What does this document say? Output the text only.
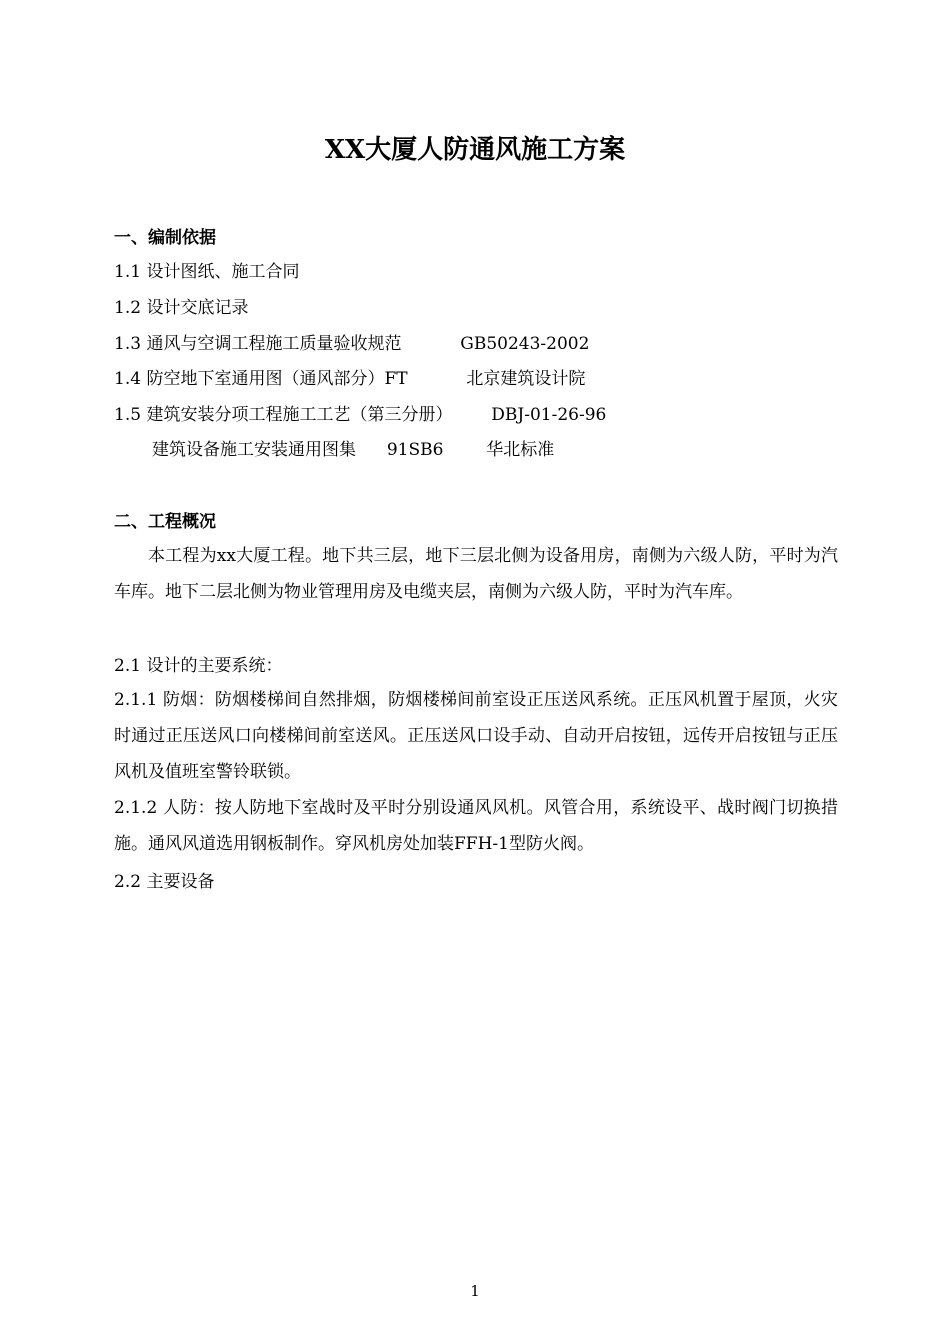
XX大厦人防通风施工方案
一、编制依据
1.1 设计图纸、施工合同
1.2 设计交底记录
1.3 通风与空调工程施工质量验收规范	GB50243-2002
1.4 防空地下室通用图（通风部分）FT	北京建筑设计院
1.5 建筑安装分项工程施工工艺（第三分册） DBJ-01-26-96
建筑设备施工安装通用图集 91SB6	华北标准
二、工程概况
本工程为xx大厦工程。地下共三层，地下三层北侧为设备用房，南侧为六级人防，平时为汽车库。地下二层北侧为物业管理用房及电缆夹层，南侧为六级人防，平时为汽车库。
2.1 设计的主要系统：
2.1.1 防烟：防烟楼梯间自然排烟，防烟楼梯间前室设正压送风系统。正压风机置于屋顶，火灾时通过正压送风口向楼梯间前室送风。正压送风口设手动、自动开启按钮，远传开启按钮与正压风机及值班室警铃联锁。
2.1.2 人防：按人防地下室战时及平时分别设通风风机。风管合用，系统设平、战时阀门切换措施。通风风道选用钢板制作。穿风机房处加装FFH-1型防火阀。
2.2 主要设备
1
